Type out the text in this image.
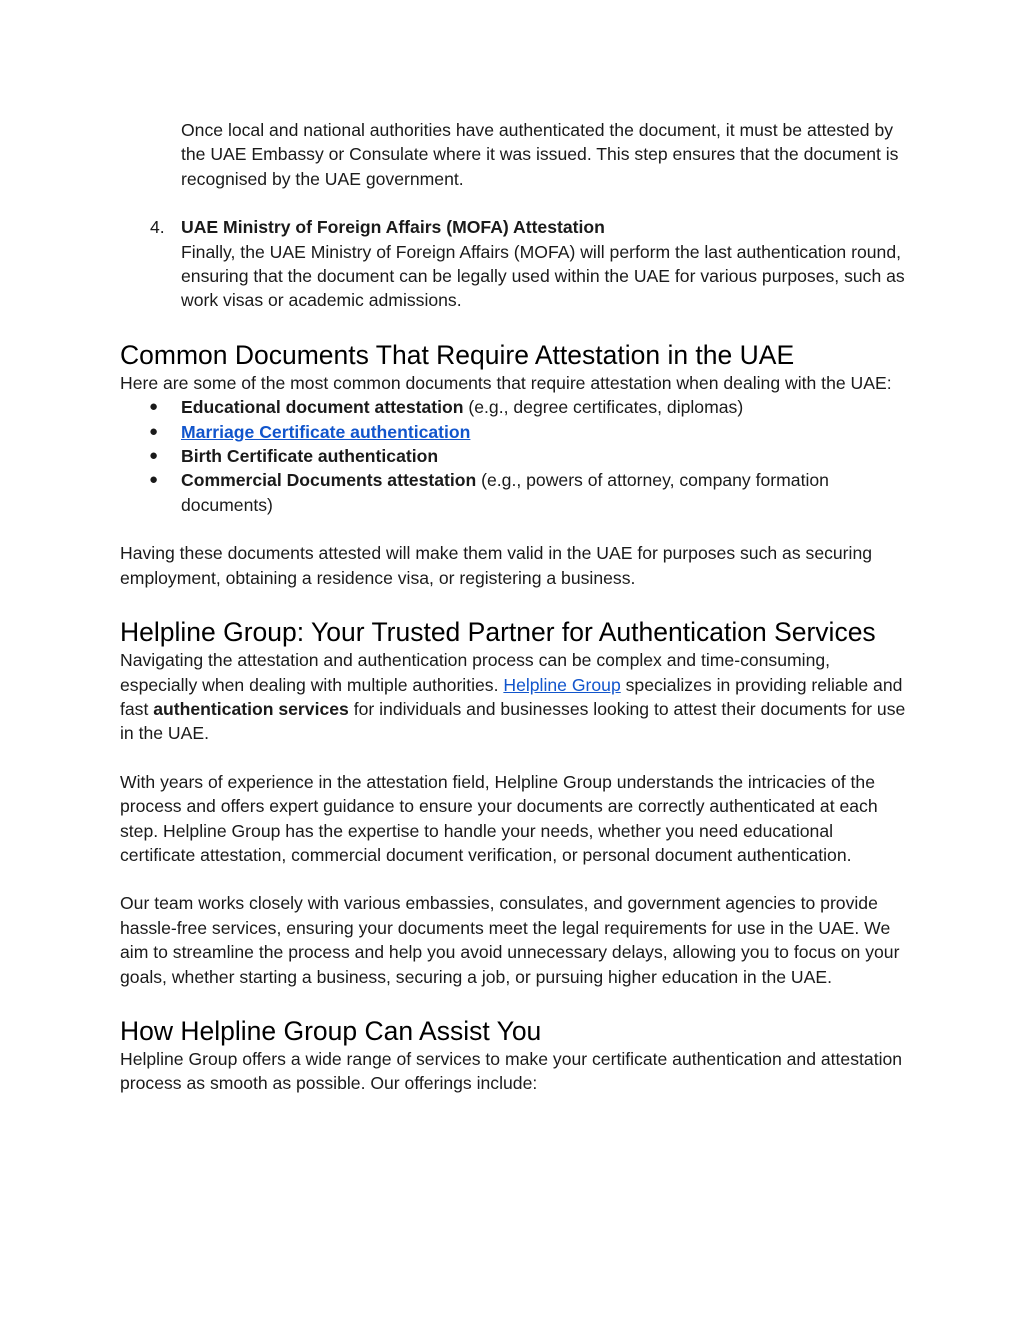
Once local and national authorities have authenticated the document, it must be attested by the UAE Embassy or Consulate where it was issued. This step ensures that the document is recognised by the UAE government.

4. UAE Ministry of Foreign Affairs (MOFA) Attestation
Finally, the UAE Ministry of Foreign Affairs (MOFA) will perform the last authentication round, ensuring that the document can be legally used within the UAE for various purposes, such as work visas or academic admissions.
Common Documents That Require Attestation in the UAE

Here are some of the most common documents that require attestation when dealing with the UAE:

● Educational document attestation (e.g., degree certificates, diplomas)
● Marriage Certificate authentication
● Birth Certificate authentication
● Commercial Documents attestation (e.g., powers of attorney, company formation documents)

Having these documents attested will make them valid in the UAE for purposes such as securing employment, obtaining a residence visa, or registering a business.

Helpline Group: Your Trusted Partner for Authentication Services

Navigating the attestation and authentication process can be complex and time-consuming, especially when dealing with multiple authorities. Helpline Group specializes in providing reliable and fast authentication services for individuals and businesses looking to attest their documents for use in the UAE.

With years of experience in the attestation field, Helpline Group understands the intricacies of the process and offers expert guidance to ensure your documents are correctly authenticated at each step. Helpline Group has the expertise to handle your needs, whether you need educational certificate attestation, commercial document verification, or personal document authentication.

Our team works closely with various embassies, consulates, and government agencies to provide hassle-free services, ensuring your documents meet the legal requirements for use in the UAE. We aim to streamline the process and help you avoid unnecessary delays, allowing you to focus on your goals, whether starting a business, securing a job, or pursuing higher education in the UAE.

How Helpline Group Can Assist You

Helpline Group offers a wide range of services to make your certificate authentication and attestation process as smooth as possible. Our offerings include:
